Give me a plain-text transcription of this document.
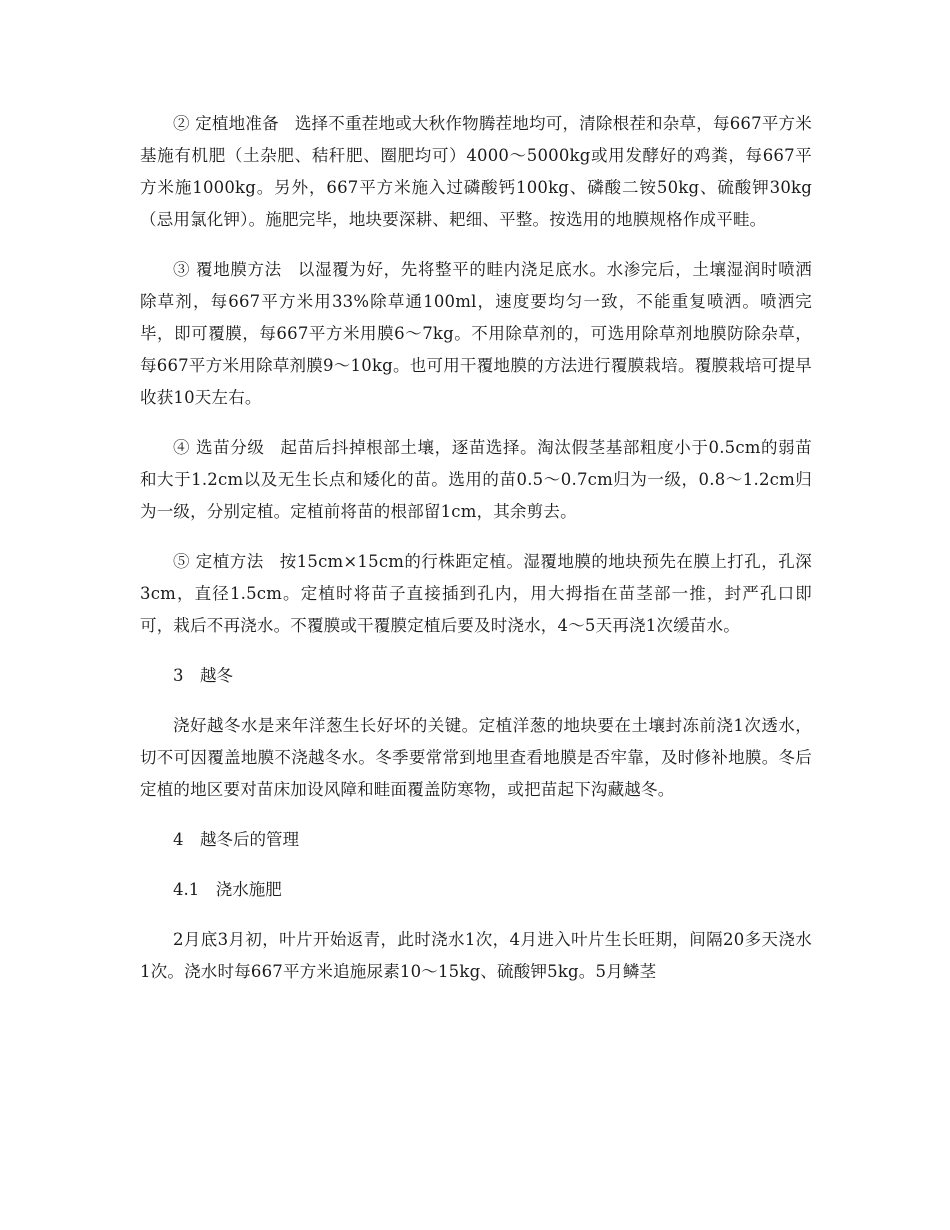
② 定植地准备 选择不重茬地或大秋作物腾茬地均可，清除根茬和杂草，每667平方米基施有机肥（土杂肥、秸秆肥、圈肥均可）4000～5000kg或用发酵好的鸡粪，每667平方米施1000kg。另外，667平方米施入过磷酸钙100kg、磷酸二铵50kg、硫酸钾30kg（忌用氯化钾）。施肥完毕，地块要深耕、耙细、平整。按选用的地膜规格作成平畦。

③ 覆地膜方法 以湿覆为好，先将整平的畦内浇足底水。水渗完后，土壤湿润时喷洒除草剂，每667平方米用33%除草通100ml，速度要均匀一致，不能重复喷洒。喷洒完毕，即可覆膜，每667平方米用膜6～7kg。不用除草剂的，可选用除草剂地膜防除杂草，每667平方米用除草剂膜9～10kg。也可用干覆地膜的方法进行覆膜栽培。覆膜栽培可提早收获10天左右。

④ 选苗分级 起苗后抖掉根部土壤，逐苗选择。淘汰假茎基部粗度小于0.5cm的弱苗和大于1.2cm以及无生长点和矮化的苗。选用的苗0.5～0.7cm归为一级，0.8～1.2cm归为一级，分别定植。定植前将苗的根部留1cm，其余剪去。

⑤ 定植方法 按15cm×15cm的行株距定植。湿覆地膜的地块预先在膜上打孔，孔深3cm，直径1.5cm。定植时将苗子直接插到孔内，用大拇指在苗茎部一推，封严孔口即可，栽后不再浇水。不覆膜或干覆膜定植后要及时浇水，4～5天再浇1次缓苗水。

3　越冬

浇好越冬水是来年洋葱生长好坏的关键。定植洋葱的地块要在土壤封冻前浇1次透水，切不可因覆盖地膜不浇越冬水。冬季要常常到地里查看地膜是否牢靠，及时修补地膜。冬后定植的地区要对苗床加设风障和畦面覆盖防寒物，或把苗起下沟藏越冬。

4　越冬后的管理

4.1　浇水施肥

2月底3月初，叶片开始返青，此时浇水1次，4月进入叶片生长旺期，间隔20多天浇水1次。浇水时每667平方米追施尿素10～15kg、硫酸钾5kg。5月鳞茎
